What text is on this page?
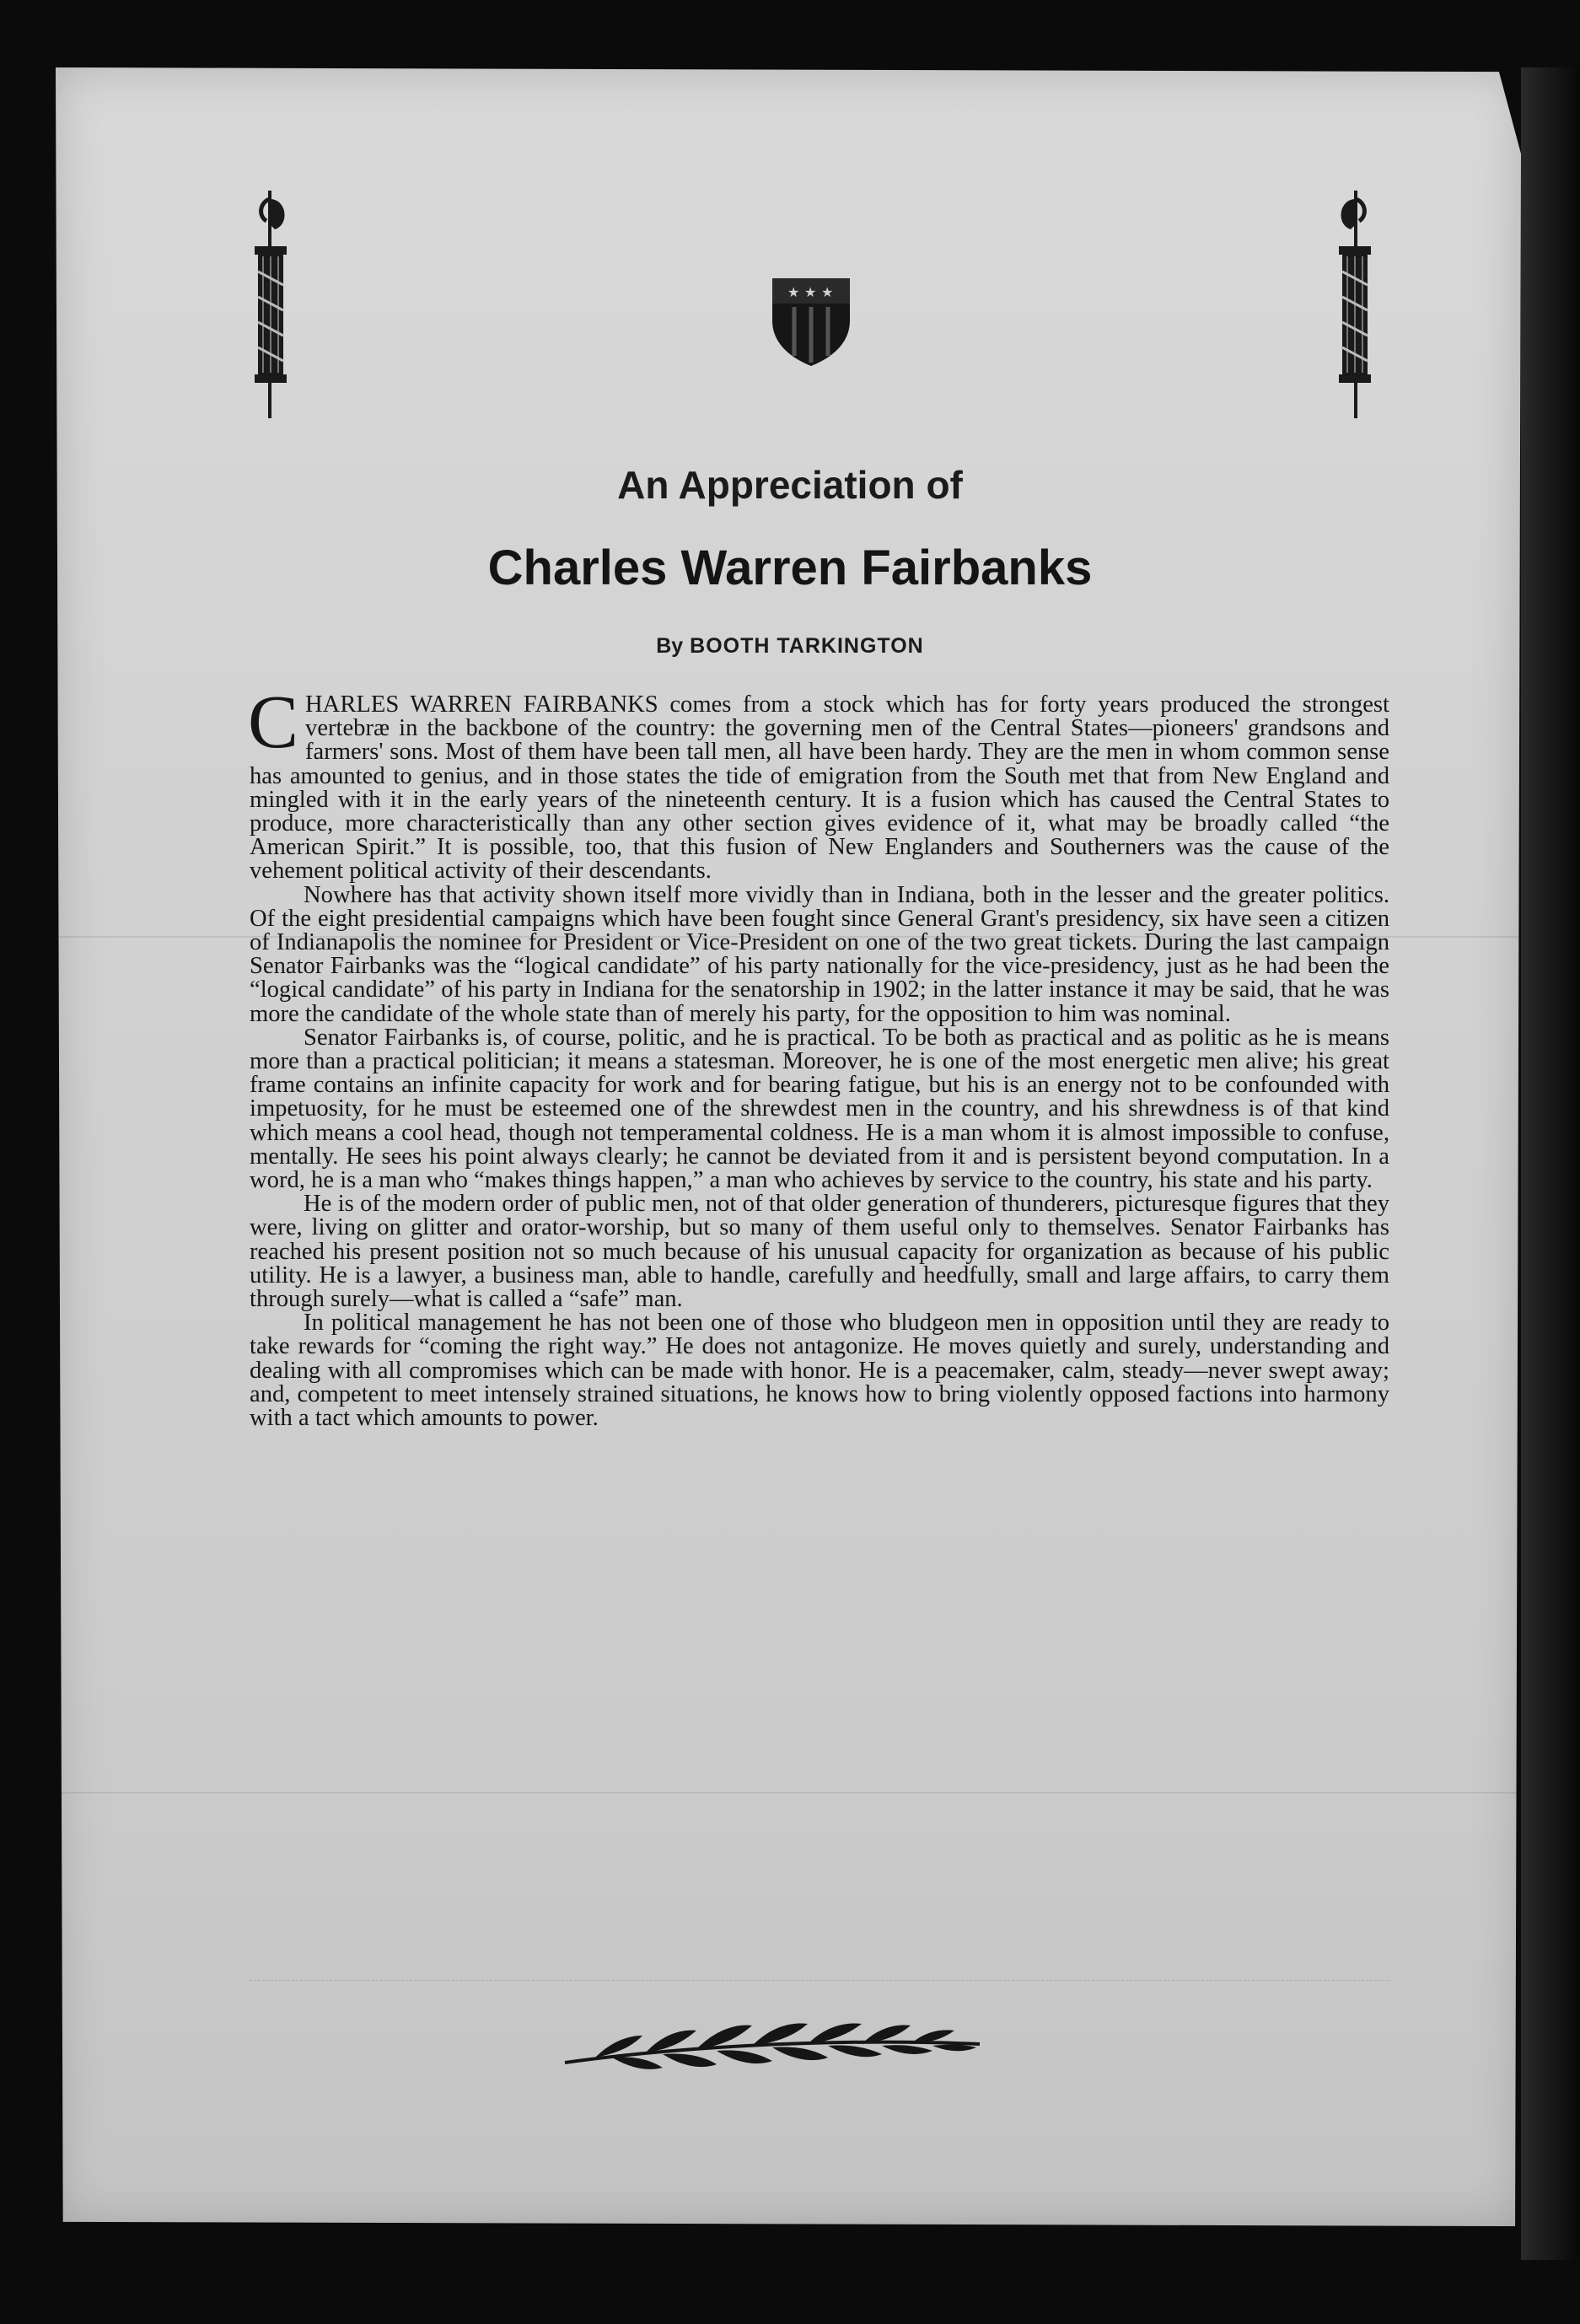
★ ★ ★
An Appreciation of
Charles Warren Fairbanks
By BOOTH TARKINGTON

CHARLES WARREN FAIRBANKS comes from a stock which has for forty years produced the strongest vertebræ in the backbone of the country: the governing men of the Central States—pioneers' grandsons and farmers' sons. Most of them have been tall men, all have been hardy. They are the men in whom common sense has amounted to genius, and in those states the tide of emigration from the South met that from New England and mingled with it in the early years of the nineteenth century. It is a fusion which has caused the Central States to produce, more characteristically than any other section gives evidence of it, what may be broadly called “the American Spirit.” It is possible, too, that this fusion of New Englanders and Southerners was the cause of the vehement political activity of their descendants.

Nowhere has that activity shown itself more vividly than in Indiana, both in the lesser and the greater politics. Of the eight presidential campaigns which have been fought since General Grant's presidency, six have seen a citizen of Indianapolis the nominee for President or Vice-President on one of the two great tickets. During the last campaign Senator Fairbanks was the “logical candidate” of his party nationally for the vice-presidency, just as he had been the “logical candidate” of his party in Indiana for the senatorship in 1902; in the latter instance it may be said, that he was more the candidate of the whole state than of merely his party, for the opposition to him was nominal.

Senator Fairbanks is, of course, politic, and he is practical. To be both as practical and as politic as he is means more than a practical politician; it means a statesman. Moreover, he is one of the most energetic men alive; his great frame contains an infinite capacity for work and for bearing fatigue, but his is an energy not to be confounded with impetuosity, for he must be esteemed one of the shrewdest men in the country, and his shrewdness is of that kind which means a cool head, though not temperamental coldness. He is a man whom it is almost impossible to confuse, mentally. He sees his point always clearly; he cannot be deviated from it and is persistent beyond computation. In a word, he is a man who “makes things happen,” a man who achieves by service to the country, his state and his party.

He is of the modern order of public men, not of that older generation of thunderers, picturesque figures that they were, living on glitter and orator-worship, but so many of them useful only to themselves. Senator Fairbanks has reached his present position not so much because of his unusual capacity for organization as because of his public utility. He is a lawyer, a business man, able to handle, carefully and heedfully, small and large affairs, to carry them through surely—what is called a “safe” man.

In political management he has not been one of those who bludgeon men in opposition until they are ready to take rewards for “coming the right way.” He does not antagonize. He moves quietly and surely, understanding and dealing with all compromises which can be made with honor. He is a peacemaker, calm, steady—never swept away; and, competent to meet intensely strained situations, he knows how to bring violently opposed factions into harmony with a tact which amounts to power.
